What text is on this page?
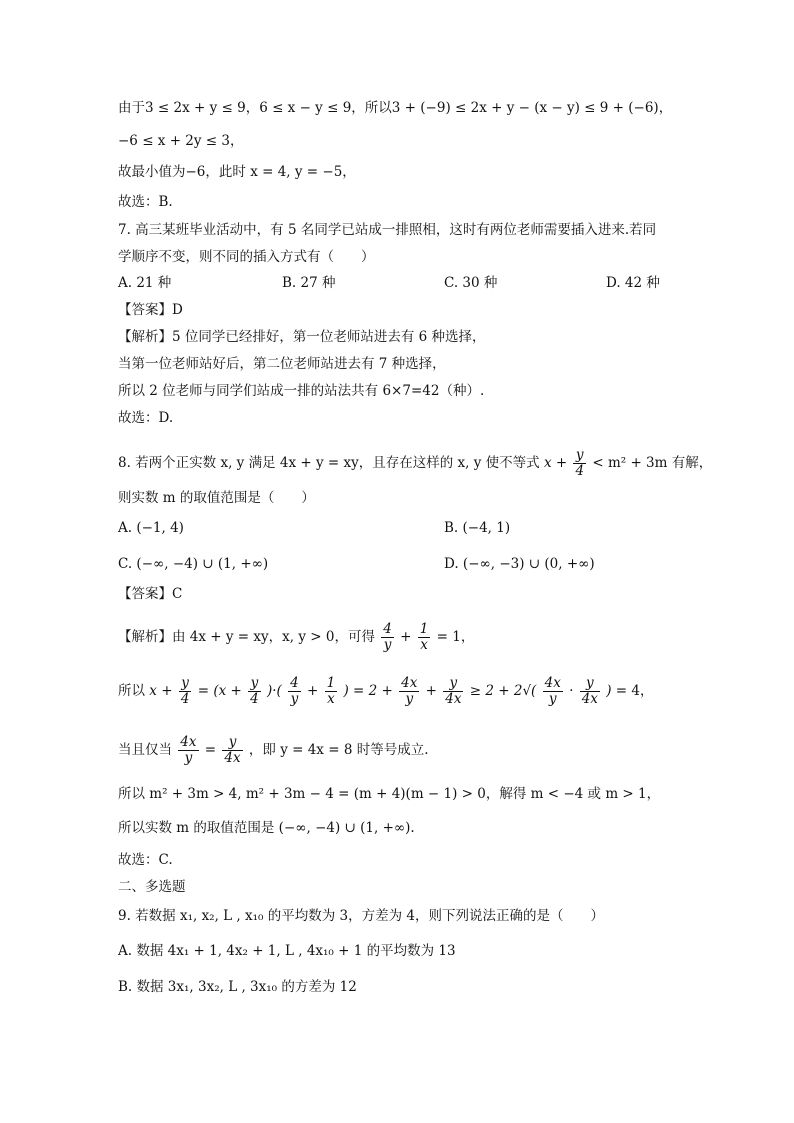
由于3 ≤ 2x + y ≤ 9，6 ≤ x − y ≤ 9，所以3 + (−9) ≤ 2x + y − (x − y) ≤ 9 + (−6)，
−6 ≤ x + 2y ≤ 3，
故最小值为−6，此时 x = 4, y = −5，
故选：B.
7. 高三某班毕业活动中，有 5 名同学已站成一排照相，这时有两位老师需要插入进来.若同
学顺序不变，则不同的插入方式有（　　）
A. 21 种	B. 27 种	C. 30 种	D. 42 种
【答案】D
【解析】5 位同学已经排好，第一位老师站进去有 6 种选择，
当第一位老师站好后，第二位老师站进去有 7 种选择，
所以 2 位老师与同学们站成一排的站法共有 6×7=42（种）.
故选：D.
8. 若两个正实数 x, y 满足 4x + y = xy，且存在这样的 x, y 使不等式 $x + \frac{y}{4} < m^2 + 3m$ 有解，
则实数 m 的取值范围是（　　）
A. (−1, 4)	B. (−4, 1)
C. (−∞, −4) ∪ (1, +∞)	D. (−∞, −3) ∪ (0, +∞)
【答案】C
【解析】由 4x + y = xy，x, y > 0，可得 $\frac{4}{y} + \frac{1}{x} = 1$，
所以 $x + \frac{y}{4} = (x + \frac{y}{4}$ )·( $\frac{4}{y} + \frac{1}{x}$ ) = $2 + \frac{4x}{y} + \frac{y}{4x} \ge 2 + 2√( \frac{4x}{y} \cdot \frac{y}{4x}$ ) = 4，
当且仅当 $\frac{4x}{y} = \frac{y}{4x}$ ，即 y = 4x = 8 时等号成立.
所以 m² + 3m > 4, m² + 3m − 4 = (m + 4)(m − 1) > 0，解得 m < −4 或 m > 1，
所以实数 m 的取值范围是 (−∞, −4) ∪ (1, +∞).
故选：C.
二、多选题
9. 若数据 x₁, x₂, L , x₁₀ 的平均数为 3，方差为 4，则下列说法正确的是（　　）
A. 数据 4x₁ + 1, 4x₂ + 1, L , 4x₁₀ + 1 的平均数为 13
B. 数据 3x₁, 3x₂, L , 3x₁₀ 的方差为 12
